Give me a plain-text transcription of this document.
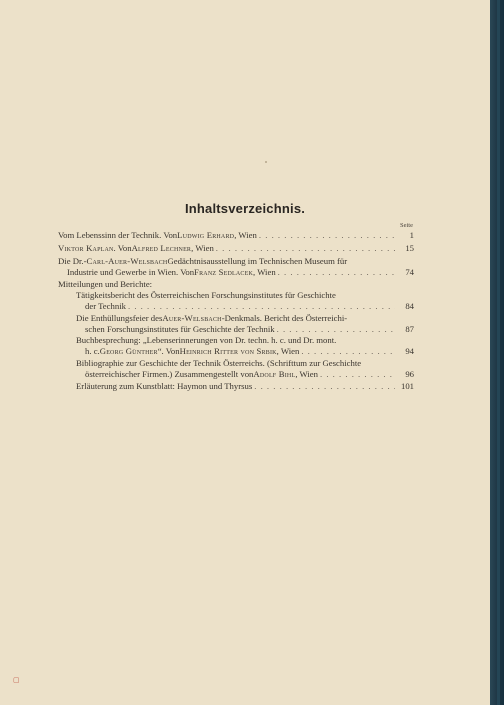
▢
Inhaltsverzeichnis.
Seite
Vom Lebenssinn der Technik. Von Ludwig Erhard , Wien . . .	1
Viktor Kaplan . Von Alfred Lechner , Wien . . .	15
Die Dr.- Carl-Auer-Welsbach Gedächtnisausstellung im Technischen Museum für
Industrie und Gewerbe in Wien. Von Franz Sedlacek , Wien . . .	74
Mitteilungen und Berichte:
Tätigkeitsbericht des Österreichischen Forschungsinstitutes für Geschichte
der Technik . . .	84
Die Enthüllungsfeier des Auer-Welsbach -Denkmals. Bericht des Österreichi-
schen Forschungsinstitutes für Geschichte der Technik . . .	87
Buchbesprechung: „Lebenserinnerungen von Dr. techn. h. c. und Dr. mont.
h. c. Georg Günther “. Von Heinrich Ritter von Srbik , Wien . . .	94
Bibliographie zur Geschichte der Technik Österreichs. (Schrifttum zur Geschichte
österreichischer Firmen.) Zusammengestellt von Adolf Bihl , Wien . . .	96
Erläuterung zum Kunstblatt: Haymon und Thyrsus . . .	101
